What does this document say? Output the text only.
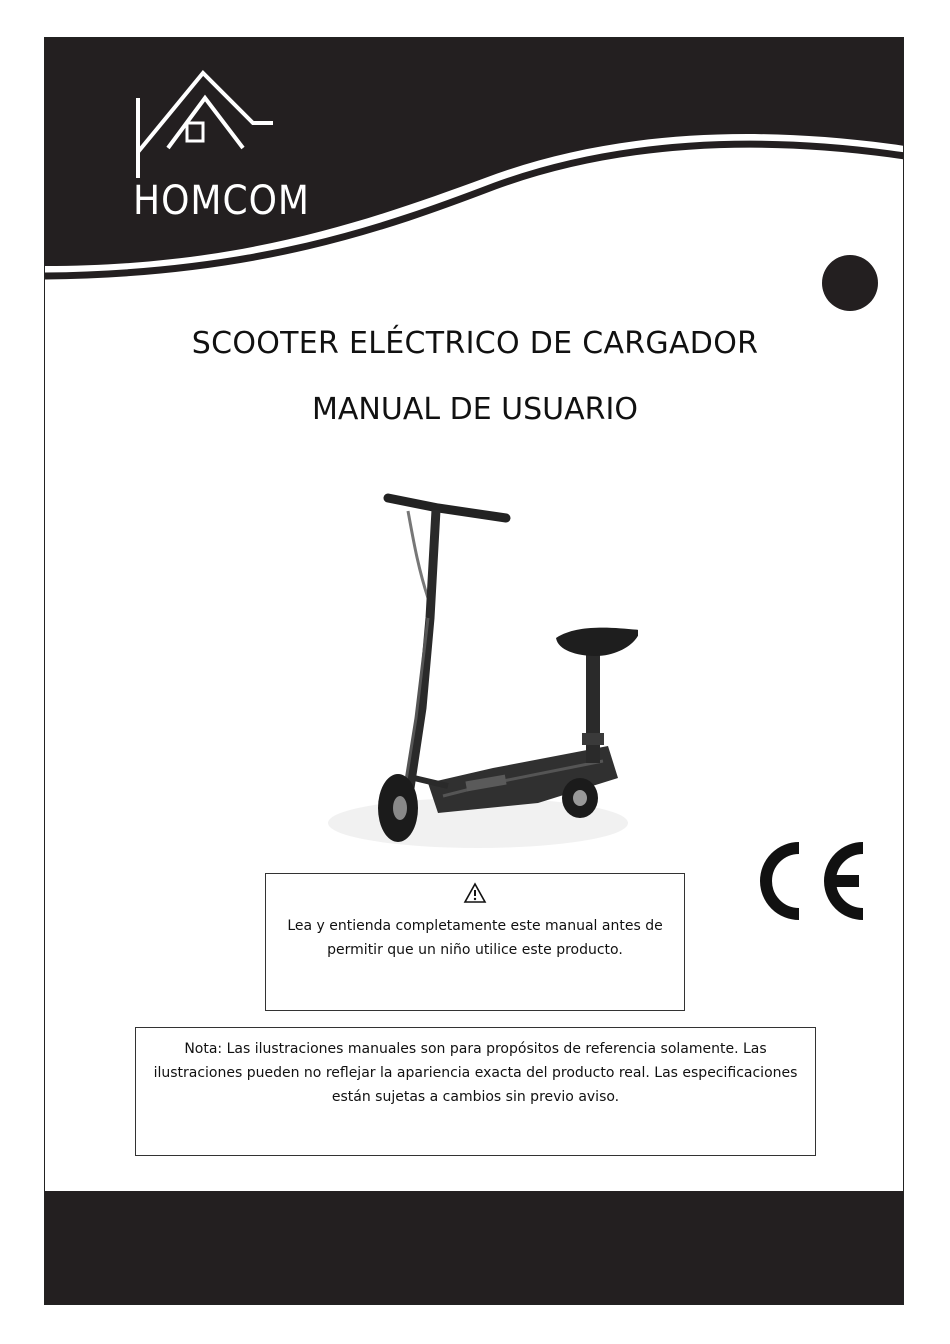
HOMCOM
SCOOTER ELÉCTRICO DE CARGADOR
MANUAL DE USUARIO
Lea y entienda completamente este manual antes de permitir que un niño utilice este producto.
Nota: Las ilustraciones manuales son para propósitos de referencia solamente. Las ilustraciones pueden no reflejar la apariencia exacta del producto real. Las especificaciones están sujetas a cambios sin previo aviso.
